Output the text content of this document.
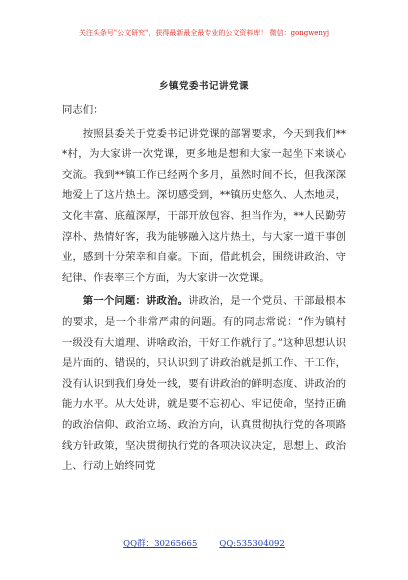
关注头条号"公文研究"，获得最新最全最专业的公文资料库！ 微信：gongwenyj
乡镇党委书记讲党课

同志们：

按照县委关于党委书记讲党课的部署要求，今天到我们***村，为大家讲一次党课，更多地是想和大家一起坐下来谈心交流。我到**镇工作已经两个多月，虽然时间不长，但我深深地爱上了这片热土。深切感受到，**镇历史悠久、人杰地灵，文化丰富、底蕴深厚，干部开放包容、担当作为，**人民勤劳淳朴、热情好客，我为能够融入这片热土，与大家一道干事创业，感到十分荣幸和自豪。下面，借此机会，围绕讲政治、守纪律、作表率三个方面，为大家讲一次党课。

第一个问题：讲政治。讲政治，是一个党员、干部最根本的要求，是一个非常严肃的问题。有的同志常说：“作为镇村一级没有大道理、讲啥政治，干好工作就行了。”这种思想认识是片面的、错误的，只认识到了讲政治就是抓工作、干工作，没有认识到我们身处一线，要有讲政治的鲜明态度、讲政治的能力水平。从大处讲，就是要不忘初心、牢记使命，坚持正确的政治信仰、政治立场、政治方向，认真贯彻执行党的各项路线方针政策，坚决贯彻执行党的各项决议决定，思想上、政治上、行动上始终同党

QQ群：30265665	QQ:535304092
